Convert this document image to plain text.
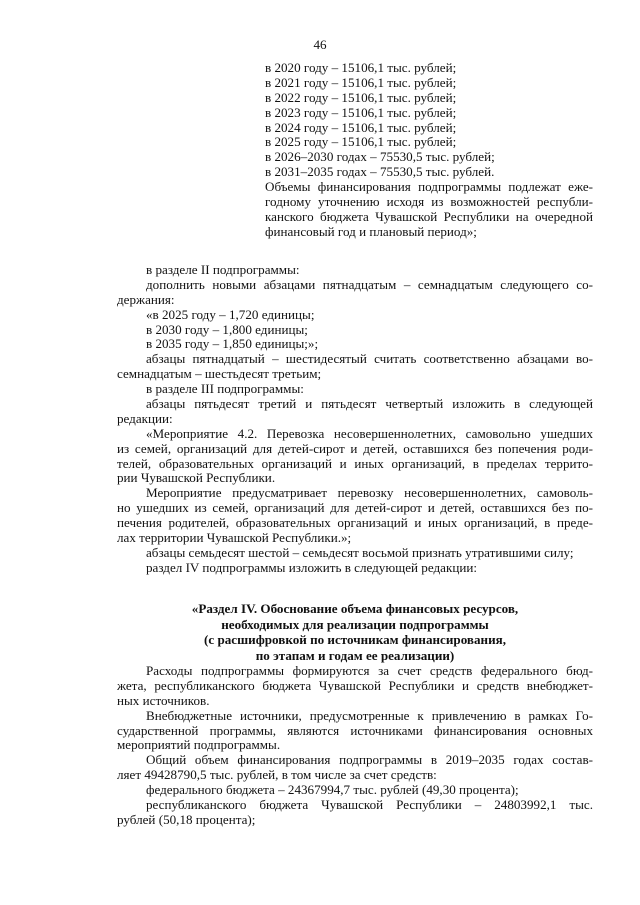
46
в 2020 году – 15106,1 тыс. рублей;
в 2021 году – 15106,1 тыс. рублей;
в 2022 году – 15106,1 тыс. рублей;
в 2023 году – 15106,1 тыс. рублей;
в 2024 году – 15106,1 тыс. рублей;
в 2025 году – 15106,1 тыс. рублей;
в 2026–2030 годах – 75530,5 тыс. рублей;
в 2031–2035 годах – 75530,5 тыс. рублей.
Объемы финансирования подпрограммы подлежат еже-
годному уточнению исходя из возможностей республи-
канского бюджета Чувашской Республики на очередной
финансовый год и плановый период»;
в разделе II подпрограммы:
дополнить новыми абзацами пятнадцатым – семнадцатым следующего со-
держания:
«в 2025 году – 1,720 единицы;
в 2030 году – 1,800 единицы;
в 2035 году – 1,850 единицы;»;
абзацы пятнадцатый – шестидесятый считать соответственно абзацами во-
семнадцатым – шестьдесят третьим;
в разделе III подпрограммы:
абзацы пятьдесят третий и пятьдесят четвертый изложить в следующей
редакции:
«Мероприятие 4.2. Перевозка несовершеннолетних, самовольно ушедших
из семей, организаций для детей-сирот и детей, оставшихся без попечения роди-
телей, образовательных организаций и иных организаций, в пределах террито-
рии Чувашской Республики.
Мероприятие предусматривает перевозку несовершеннолетних, самоволь-
но ушедших из семей, организаций для детей-сирот и детей, оставшихся без по-
печения родителей, образовательных организаций и иных организаций, в преде-
лах территории Чувашской Республики.»;
абзацы семьдесят шестой – семьдесят восьмой признать утратившими силу;
раздел IV подпрограммы изложить в следующей редакции:
«Раздел IV. Обоснование объема финансовых ресурсов,
необходимых для реализации подпрограммы
(с расшифровкой по источникам финансирования,
по этапам и годам ее реализации)
Расходы подпрограммы формируются за счет средств федерального бюд-
жета, республиканского бюджета Чувашской Республики и средств внебюджет-
ных источников.
Внебюджетные источники, предусмотренные к привлечению в рамках Го-
сударственной программы, являются источниками финансирования основных
мероприятий подпрограммы.
Общий объем финансирования подпрограммы в 2019–2035 годах состав-
ляет 49428790,5 тыс. рублей, в том числе за счет средств:
федерального бюджета – 24367994,7 тыс. рублей (49,30 процента);
республиканского бюджета Чувашской Республики – 24803992,1 тыс.
рублей (50,18 процента);
